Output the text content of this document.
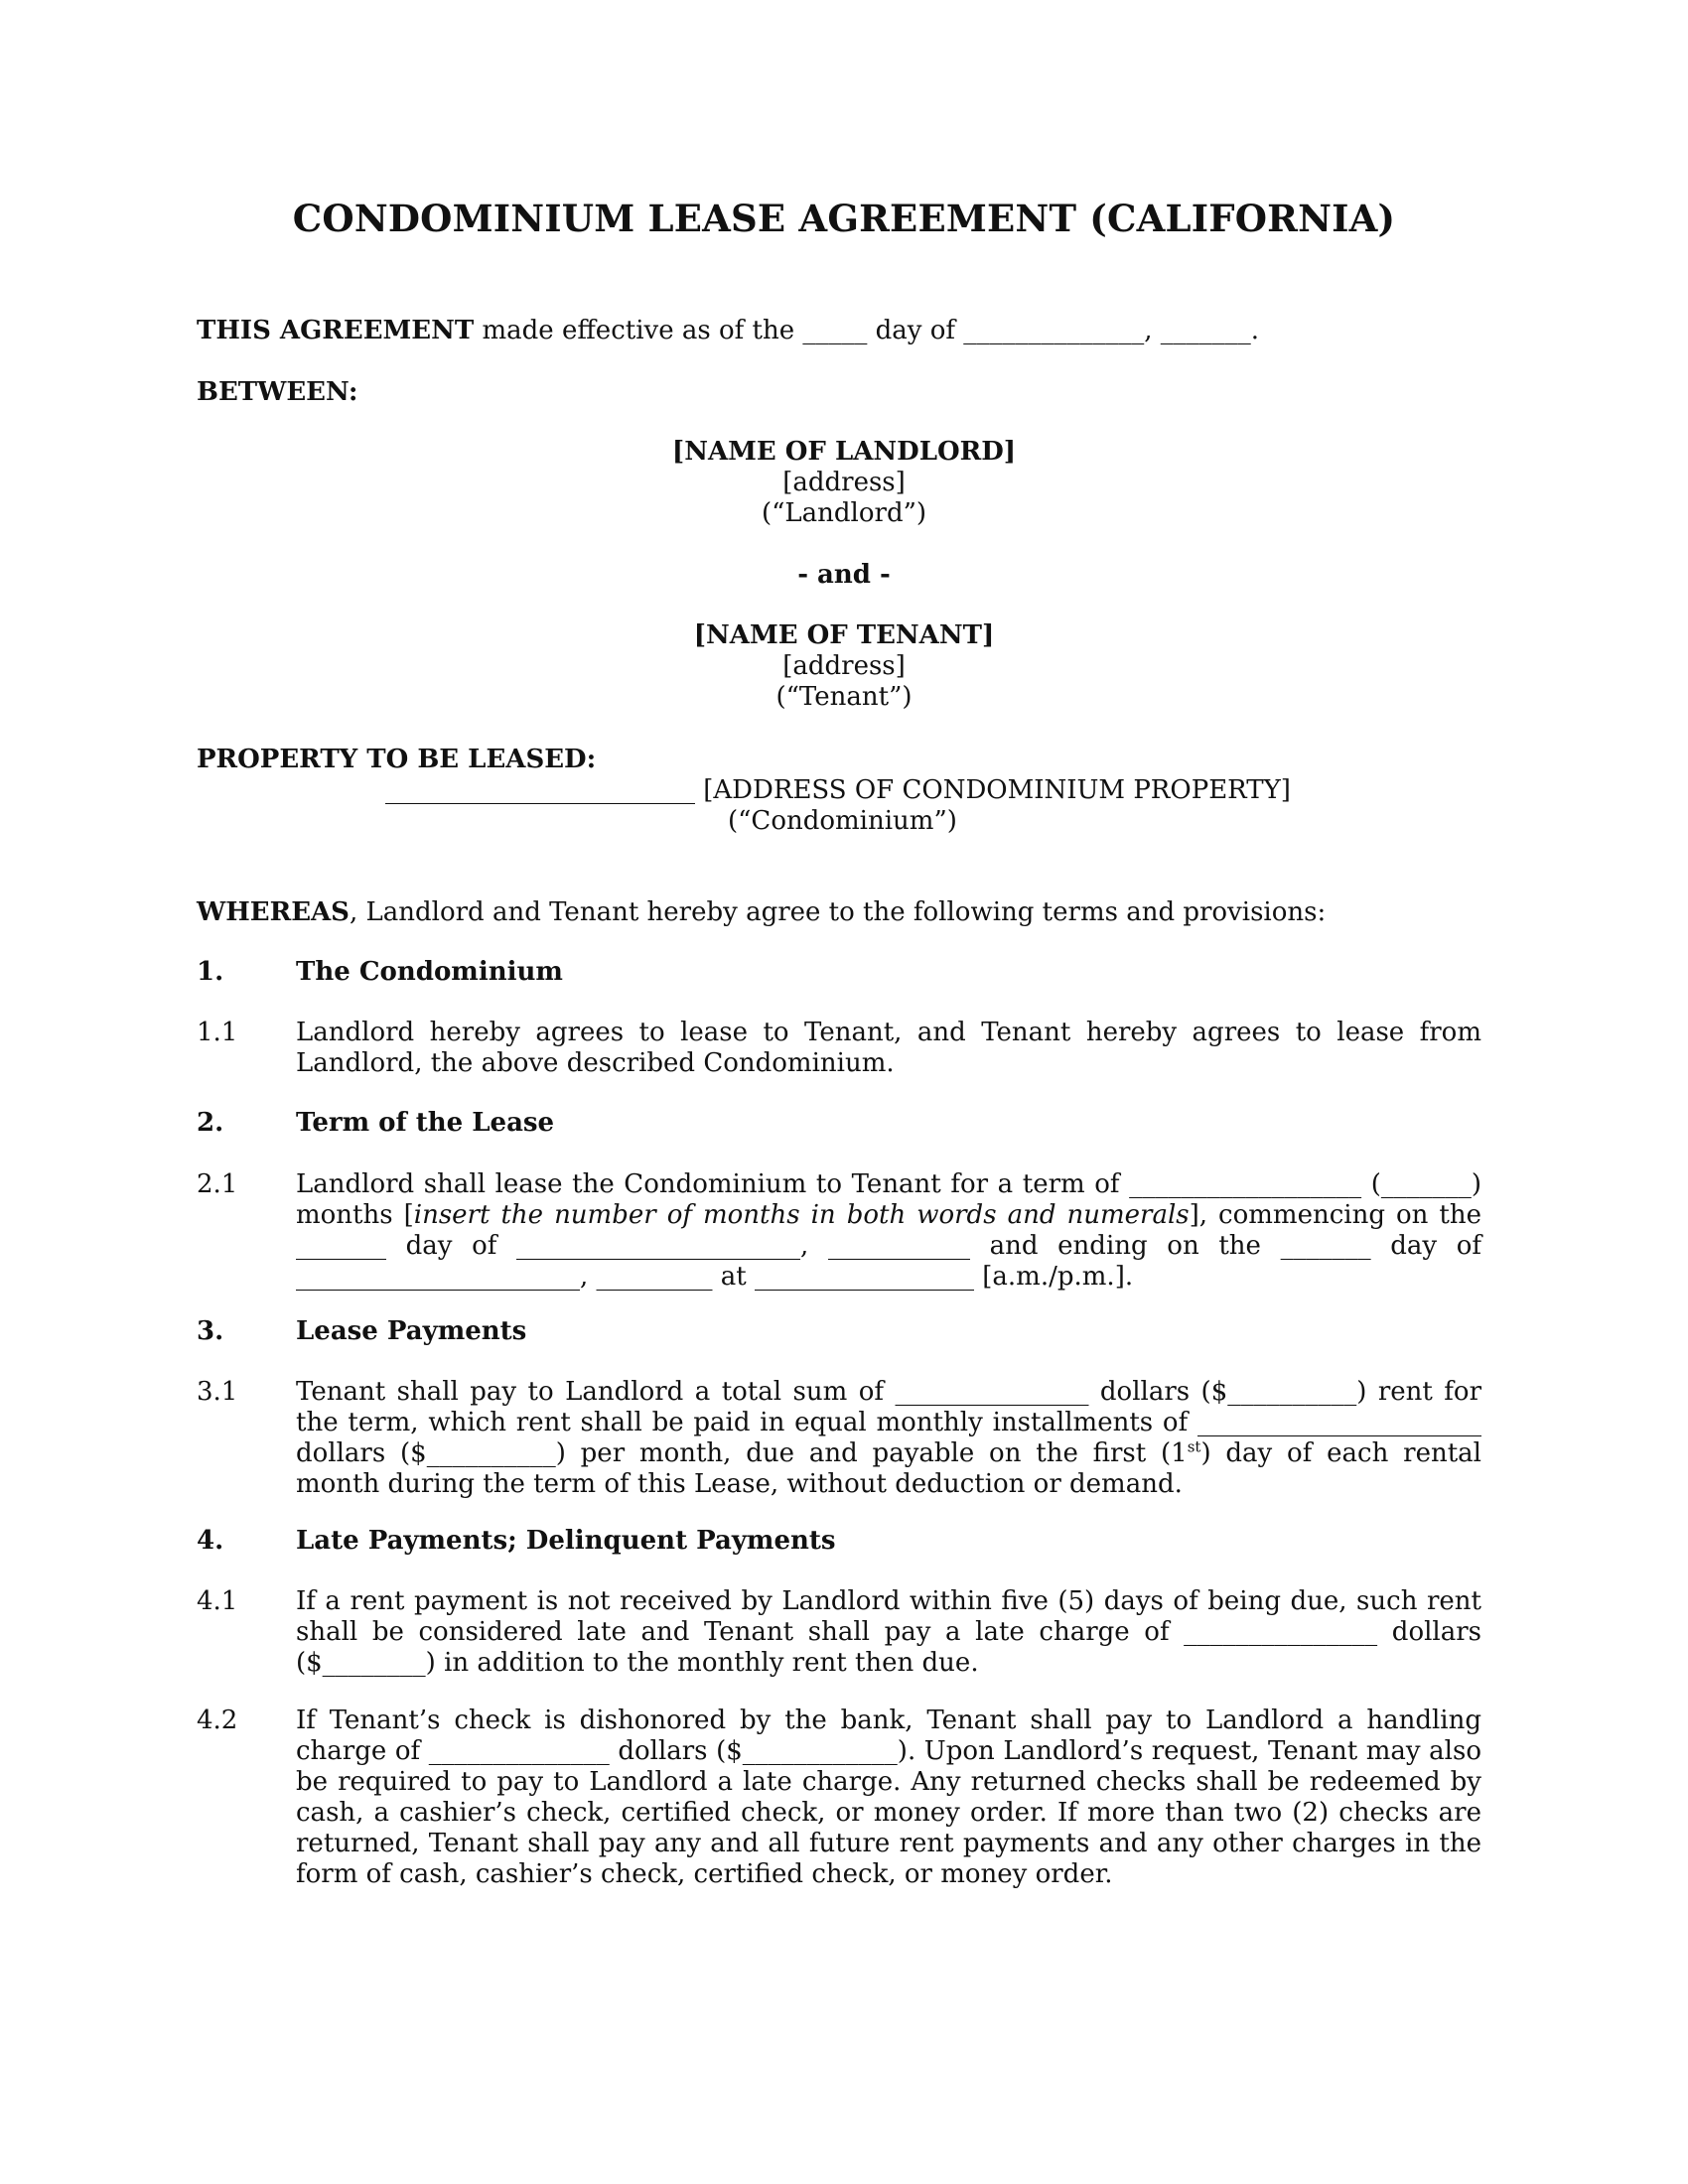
CONDOMINIUM LEASE AGREEMENT (CALIFORNIA)
THIS AGREEMENT made effective as of the _____ day of ______________, _______.
BETWEEN:
[NAME OF LANDLORD]
[address]
(“Landlord”)
- and -
[NAME OF TENANT]
[address]
(“Tenant”)
PROPERTY TO BE LEASED:
________________________ [ADDRESS OF CONDOMINIUM PROPERTY]
(“Condominium”)
WHEREAS, Landlord and Tenant hereby agree to the following terms and provisions:
1.	The Condominium
1.1 Landlord hereby agrees to lease to Tenant, and Tenant hereby agrees to lease from Landlord, the above described Condominium.
2.	Term of the Lease
2.1 Landlord shall lease the Condominium to Tenant for a term of __________________ (_______) months [insert the number of months in both words and numerals], commencing on the _______ day of ______________________, ___________ and ending on the _______ day of ______________________, _________ at _________________ [a.m./p.m.].
3.	Lease Payments
3.1 Tenant shall pay to Landlord a total sum of _______________ dollars ($__________) rent for the term, which rent shall be paid in equal monthly installments of ______________________ dollars ($__________) per month, due and payable on the first (1st) day of each rental month during the term of this Lease, without deduction or demand.
4.	Late Payments; Delinquent Payments
4.1 If a rent payment is not received by Landlord within five (5) days of being due, such rent shall be considered late and Tenant shall pay a late charge of _______________ dollars ($________) in addition to the monthly rent then due.
4.2 If Tenant’s check is dishonored by the bank, Tenant shall pay to Landlord a handling charge of ______________ dollars ($____________). Upon Landlord’s request, Tenant may also be required to pay to Landlord a late charge. Any returned checks shall be redeemed by cash, a cashier’s check, certified check, or money order. If more than two (2) checks are returned, Tenant shall pay any and all future rent payments and any other charges in the form of cash, cashier’s check, certified check, or money order.
